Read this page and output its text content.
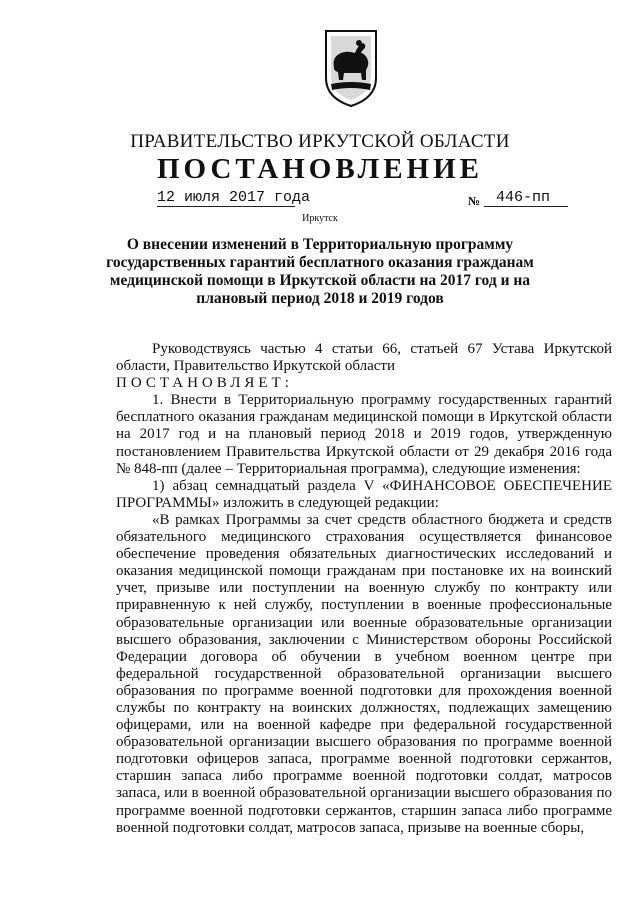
ПРАВИТЕЛЬСТВО ИРКУТСКОЙ ОБЛАСТИ
ПОСТАНОВЛЕНИЕ
12 июля 2017 года	№	446-пп
Иркутск
О внесении изменений в Территориальную программу государственных гарантий бесплатного оказания гражданам медицинской помощи в Иркутской области на 2017 год и на плановый период 2018 и 2019 годов

Руководствуясь частью 4 статьи 66, статьей 67 Устава Иркутской области, Правительство Иркутской области

ПОСТАНОВЛЯЕТ:

1. Внести в Территориальную программу государственных гарантий бесплатного оказания гражданам медицинской помощи в Иркутской области на 2017 год и на плановый период 2018 и 2019 годов, утвержденную постановлением Правительства Иркутской области от 29 декабря 2016 года № 848-пп (далее – Территориальная программа), следующие изменения:

1) абзац семнадцатый раздела V «ФИНАНСОВОЕ ОБЕСПЕЧЕНИЕ ПРОГРАММЫ» изложить в следующей редакции:

«В рамках Программы за счет средств областного бюджета и средств обязательного медицинского страхования осуществляется финансовое обеспечение проведения обязательных диагностических исследований и оказания медицинской помощи гражданам при постановке их на воинский учет, призыве или поступлении на военную службу по контракту или приравненную к ней службу, поступлении в военные профессиональные образовательные организации или военные образовательные организации высшего образования, заключении с Министерством обороны Российской Федерации договора об обучении в учебном военном центре при федеральной государственной образовательной организации высшего образования по программе военной подготовки для прохождения военной службы по контракту на воинских должностях, подлежащих замещению офицерами, или на военной кафедре при федеральной государственной образовательной организации высшего образования по программе военной подготовки офицеров запаса, программе военной подготовки сержантов, старшин запаса либо программе военной подготовки солдат, матросов запаса, или в военной образовательной организации высшего образования по программе военной подготовки сержантов, старшин запаса либо программе военной подготовки солдат, матросов запаса, призыве на военные сборы,
